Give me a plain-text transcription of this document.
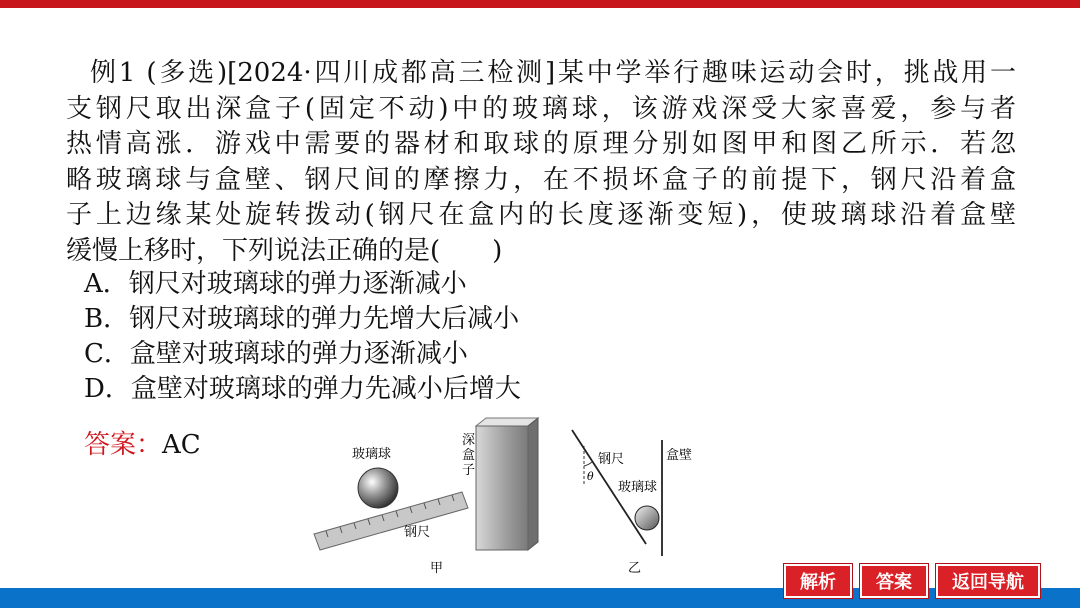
例1 (多选)[2024·四川成都高三检测]某中学举行趣味运动会时，挑战用一

支钢尺取出深盒子(固定不动)中的玻璃球，该游戏深受大家喜爱，参与者

热情高涨．游戏中需要的器材和取球的原理分别如图甲和图乙所示．若忽

略玻璃球与盒壁、钢尺间的摩擦力，在不损坏盒子的前提下，钢尺沿着盒

子上边缘某处旋转拨动(钢尺在盒内的长度逐渐变短)，使玻璃球沿着盒壁

缓慢上移时，下列说法正确的是(　　)

A．钢尺对玻璃球的弹力逐渐减小
B．钢尺对玻璃球的弹力先增大后减小
C．盒壁对玻璃球的弹力逐渐减小
D．盒壁对玻璃球的弹力先减小后增大
答案：AC	玻璃球
钢尺
深
盒
子
甲
钢尺	盒壁
玻璃球
θ
乙
解析	答案	返回导航
